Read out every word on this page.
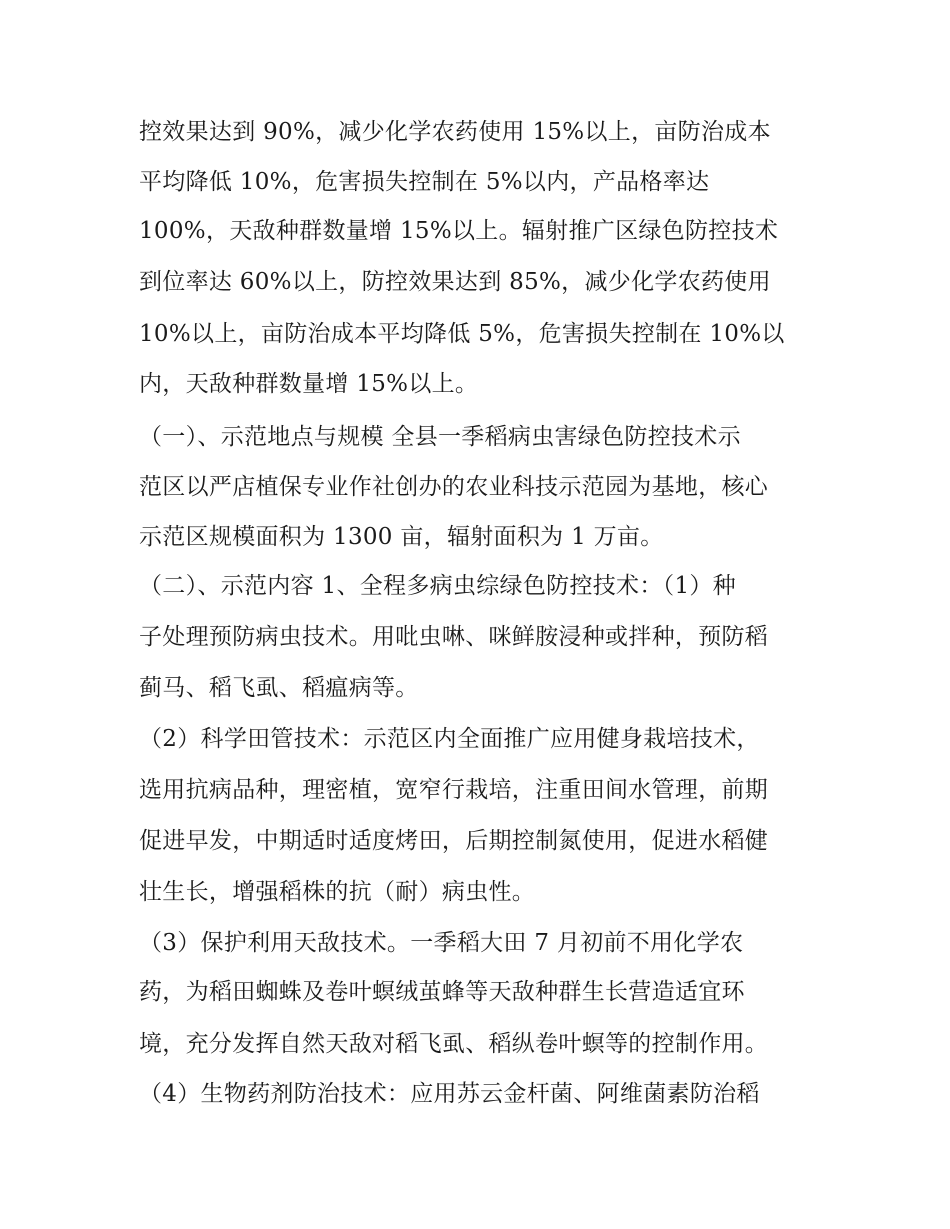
控效果达到 90%，减少化学农药使用 15%以上，亩防治成本
平均降低 10%，危害损失控制在 5%以内，产品格率达
100%，天敌种群数量增 15%以上。辐射推广区绿色防控技术
到位率达 60%以上，防控效果达到 85%，减少化学农药使用
10%以上，亩防治成本平均降低 5%，危害损失控制在 10%以
内，天敌种群数量增 15%以上。
（一）、示范地点与规模 全县一季稻病虫害绿色防控技术示
范区以严店植保专业作社创办的农业科技示范园为基地，核心
示范区规模面积为 1300 亩，辐射面积为 1 万亩。
（二）、示范内容 1、全程多病虫综绿色防控技术：（1）种
子处理预防病虫技术。用吡虫啉、咪鲜胺浸种或拌种，预防稻
蓟马、稻飞虱、稻瘟病等。
（2）科学田管技术：示范区内全面推广应用健身栽培技术，
选用抗病品种，理密植，宽窄行栽培，注重田间水管理，前期
促进早发，中期适时适度烤田，后期控制氮使用，促进水稻健
壮生长，增强稻株的抗（耐）病虫性。
（3）保护利用天敌技术。一季稻大田 7 月初前不用化学农
药，为稻田蜘蛛及卷叶螟绒茧蜂等天敌种群生长营造适宜环
境，充分发挥自然天敌对稻飞虱、稻纵卷叶螟等的控制作用。
（4）生物药剂防治技术：应用苏云金杆菌、阿维菌素防治稻
